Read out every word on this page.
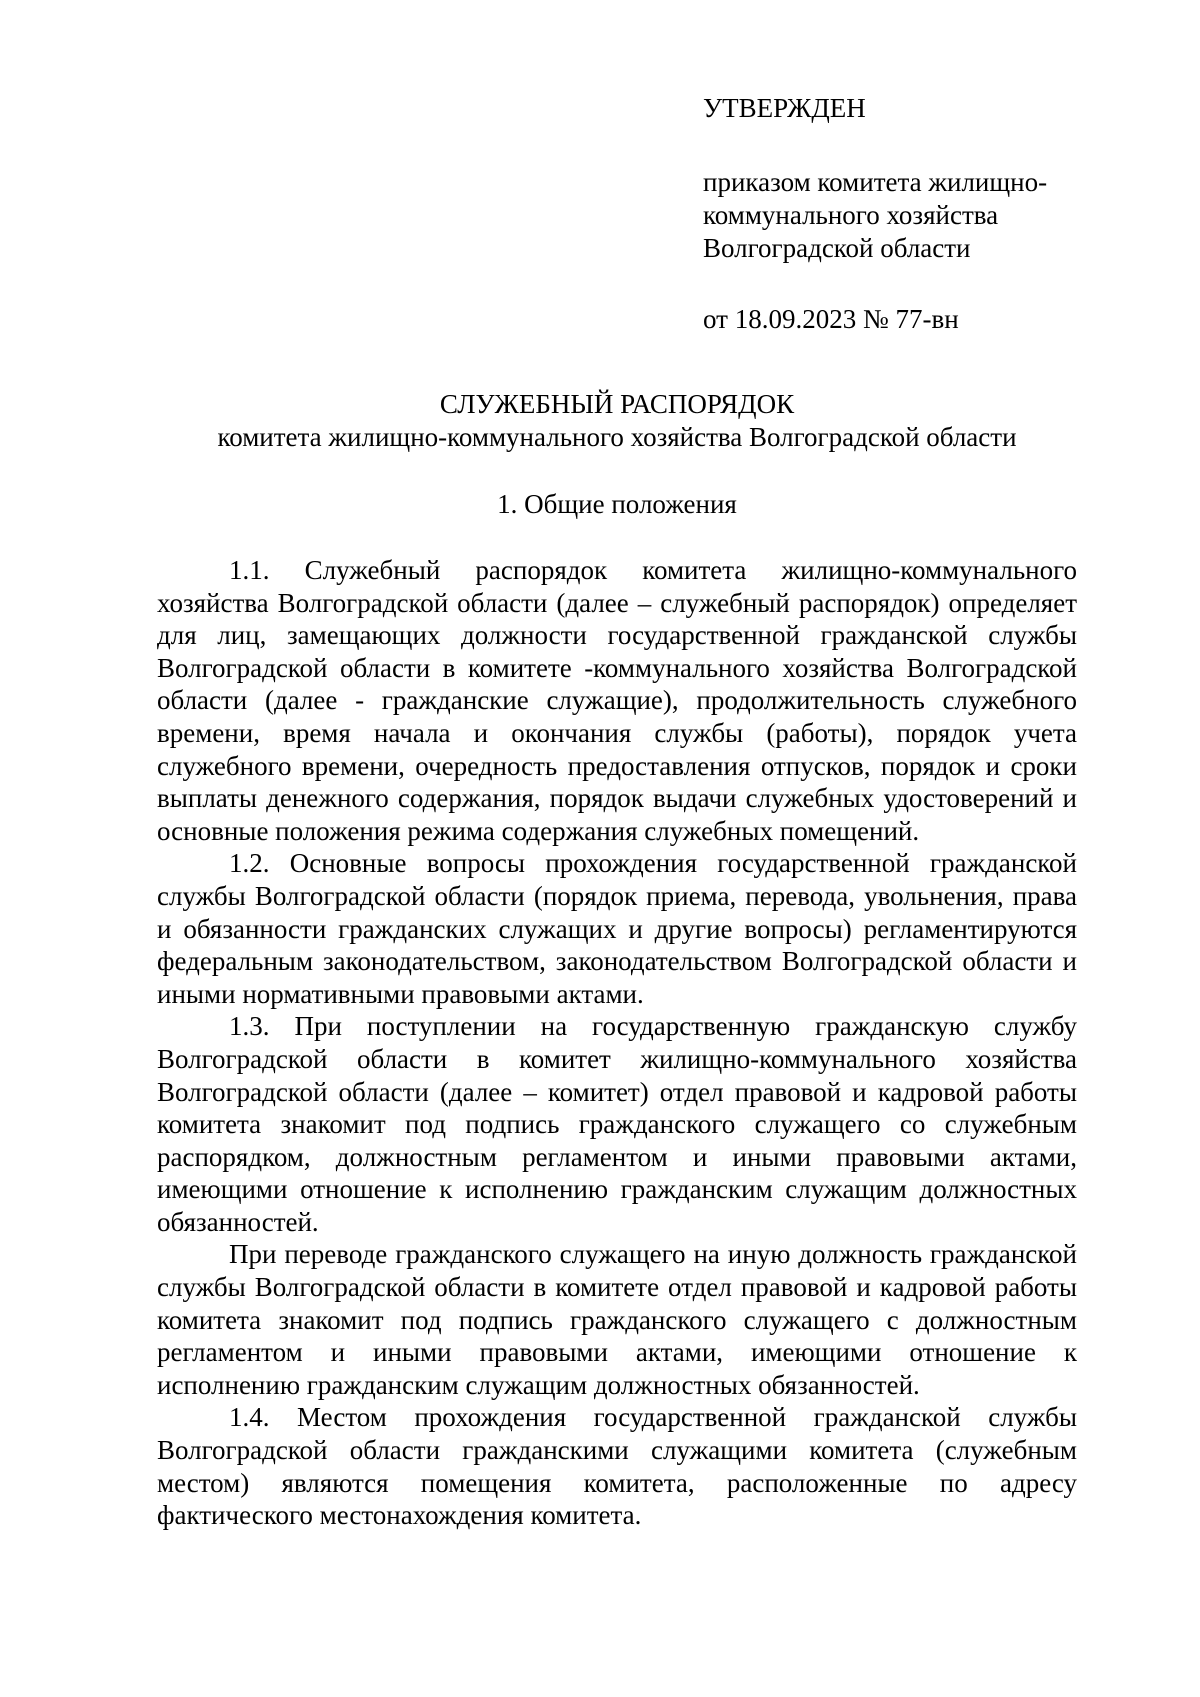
УТВЕРЖДЕН

приказом комитета жилищно-коммунального хозяйства Волгоградской области

от 18.09.2023 № 77-вн

СЛУЖЕБНЫЙ РАСПОРЯДОК

комитета жилищно-коммунального хозяйства Волгоградской области

1. Общие положения

1.1. Служебный распорядок комитета жилищно-коммунального хозяйства Волгоградской области (далее – служебный распорядок) определяет для лиц, замещающих должности государственной гражданской службы Волгоградской области в комитете -коммунального хозяйства Волгоградской области (далее - гражданские служащие), продолжительность служебного времени, время начала и окончания службы (работы), порядок учета служебного времени, очередность предоставления отпусков, порядок и сроки выплаты денежного содержания, порядок выдачи служебных удостоверений и основные положения режима содержания служебных помещений.

1.2. Основные вопросы прохождения государственной гражданской службы Волгоградской области (порядок приема, перевода, увольнения, права и обязанности гражданских служащих и другие вопросы) регламентируются федеральным законодательством, законодательством Волгоградской области и иными нормативными правовыми актами.

1.3. При поступлении на государственную гражданскую службу Волгоградской области в комитет жилищно-коммунального хозяйства Волгоградской области (далее – комитет) отдел правовой и кадровой работы комитета знакомит под подпись гражданского служащего со служебным распорядком, должностным регламентом и иными правовыми актами, имеющими отношение к исполнению гражданским служащим должностных обязанностей.

При переводе гражданского служащего на иную должность гражданской службы Волгоградской области в комитете отдел правовой и кадровой работы комитета знакомит под подпись гражданского служащего с должностным регламентом и иными правовыми актами, имеющими отношение к исполнению гражданским служащим должностных обязанностей.

1.4. Местом прохождения государственной гражданской службы Волгоградской области гражданскими служащими комитета (служебным местом) являются помещения комитета, расположенные по адресу фактического местонахождения комитета.
